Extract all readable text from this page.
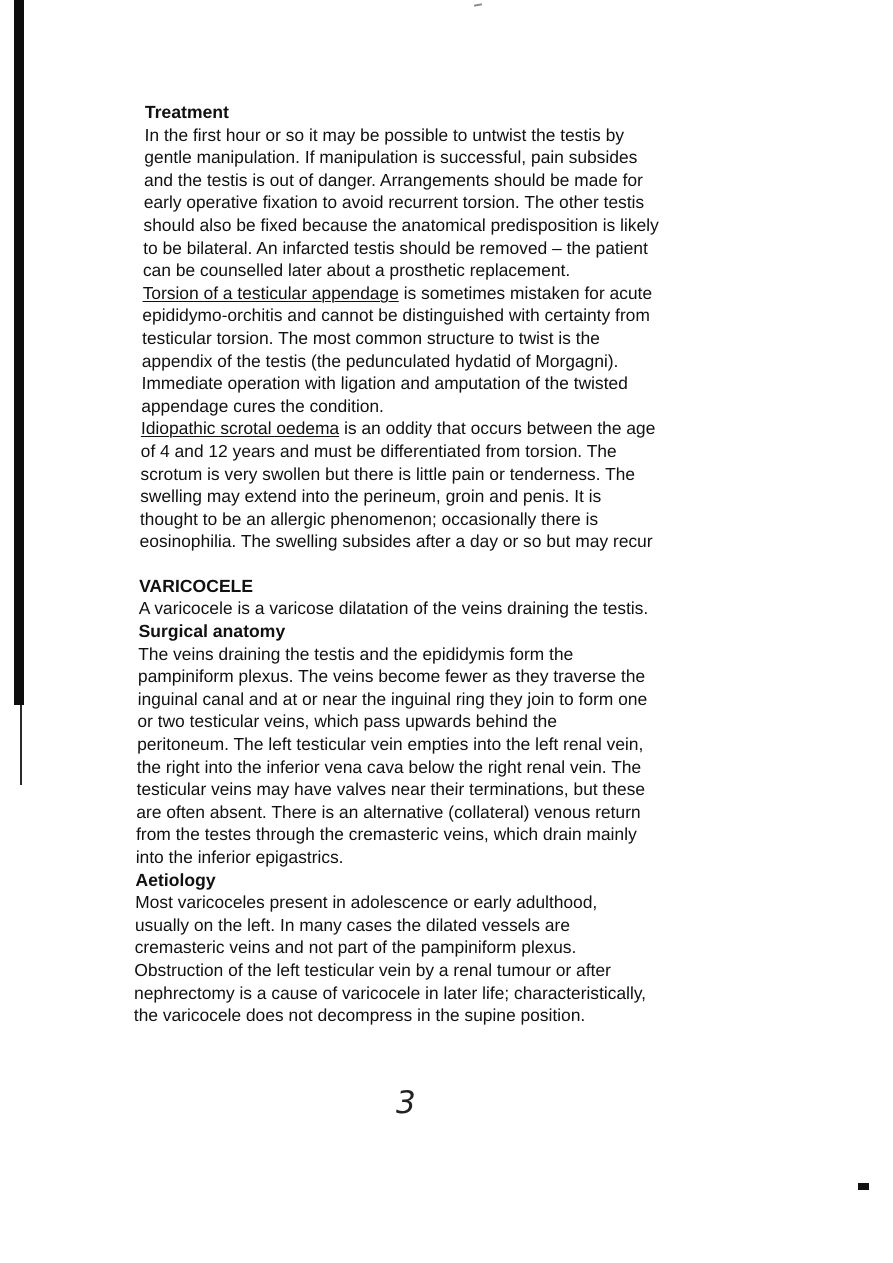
Treatment

In the first hour or so it may be possible to untwist the testis by

gentle manipulation. If manipulation is successful, pain subsides

and the testis is out of danger. Arrangements should be made for

early operative fixation to avoid recurrent torsion. The other testis

should also be fixed because the anatomical predisposition is likely

to be bilateral. An infarcted testis should be removed – the patient

can be counselled later about a prosthetic replacement.

Torsion of a testicular appendage is sometimes mistaken for acute

epididymo-orchitis and cannot be distinguished with certainty from

testicular torsion. The most common structure to twist is the

appendix of the testis (the pedunculated hydatid of Morgagni).

Immediate operation with ligation and amputation of the twisted

appendage cures the condition.

Idiopathic scrotal oedema is an oddity that occurs between the age

of 4 and 12 years and must be differentiated from torsion. The

scrotum is very swollen but there is little pain or tenderness. The

swelling may extend into the perineum, groin and penis. It is

thought to be an allergic phenomenon; occasionally there is

eosinophilia. The swelling subsides after a day or so but may recur

VARICOCELE

A varicocele is a varicose dilatation of the veins draining the testis.

Surgical anatomy

The veins draining the testis and the epididymis form the

pampiniform plexus. The veins become fewer as they traverse the

inguinal canal and at or near the inguinal ring they join to form one

or two testicular veins, which pass upwards behind the

peritoneum. The left testicular vein empties into the left renal vein,

the right into the inferior vena cava below the right renal vein. The

testicular veins may have valves near their terminations, but these

are often absent. There is an alternative (collateral) venous return

from the testes through the cremasteric veins, which drain mainly

into the inferior epigastrics.

Aetiology

Most varicoceles present in adolescence or early adulthood,

usually on the left. In many cases the dilated vessels are

cremasteric veins and not part of the pampiniform plexus.

Obstruction of the left testicular vein by a renal tumour or after

nephrectomy is a cause of varicocele in later life; characteristically,

the varicocele does not decompress in the supine position.

3
